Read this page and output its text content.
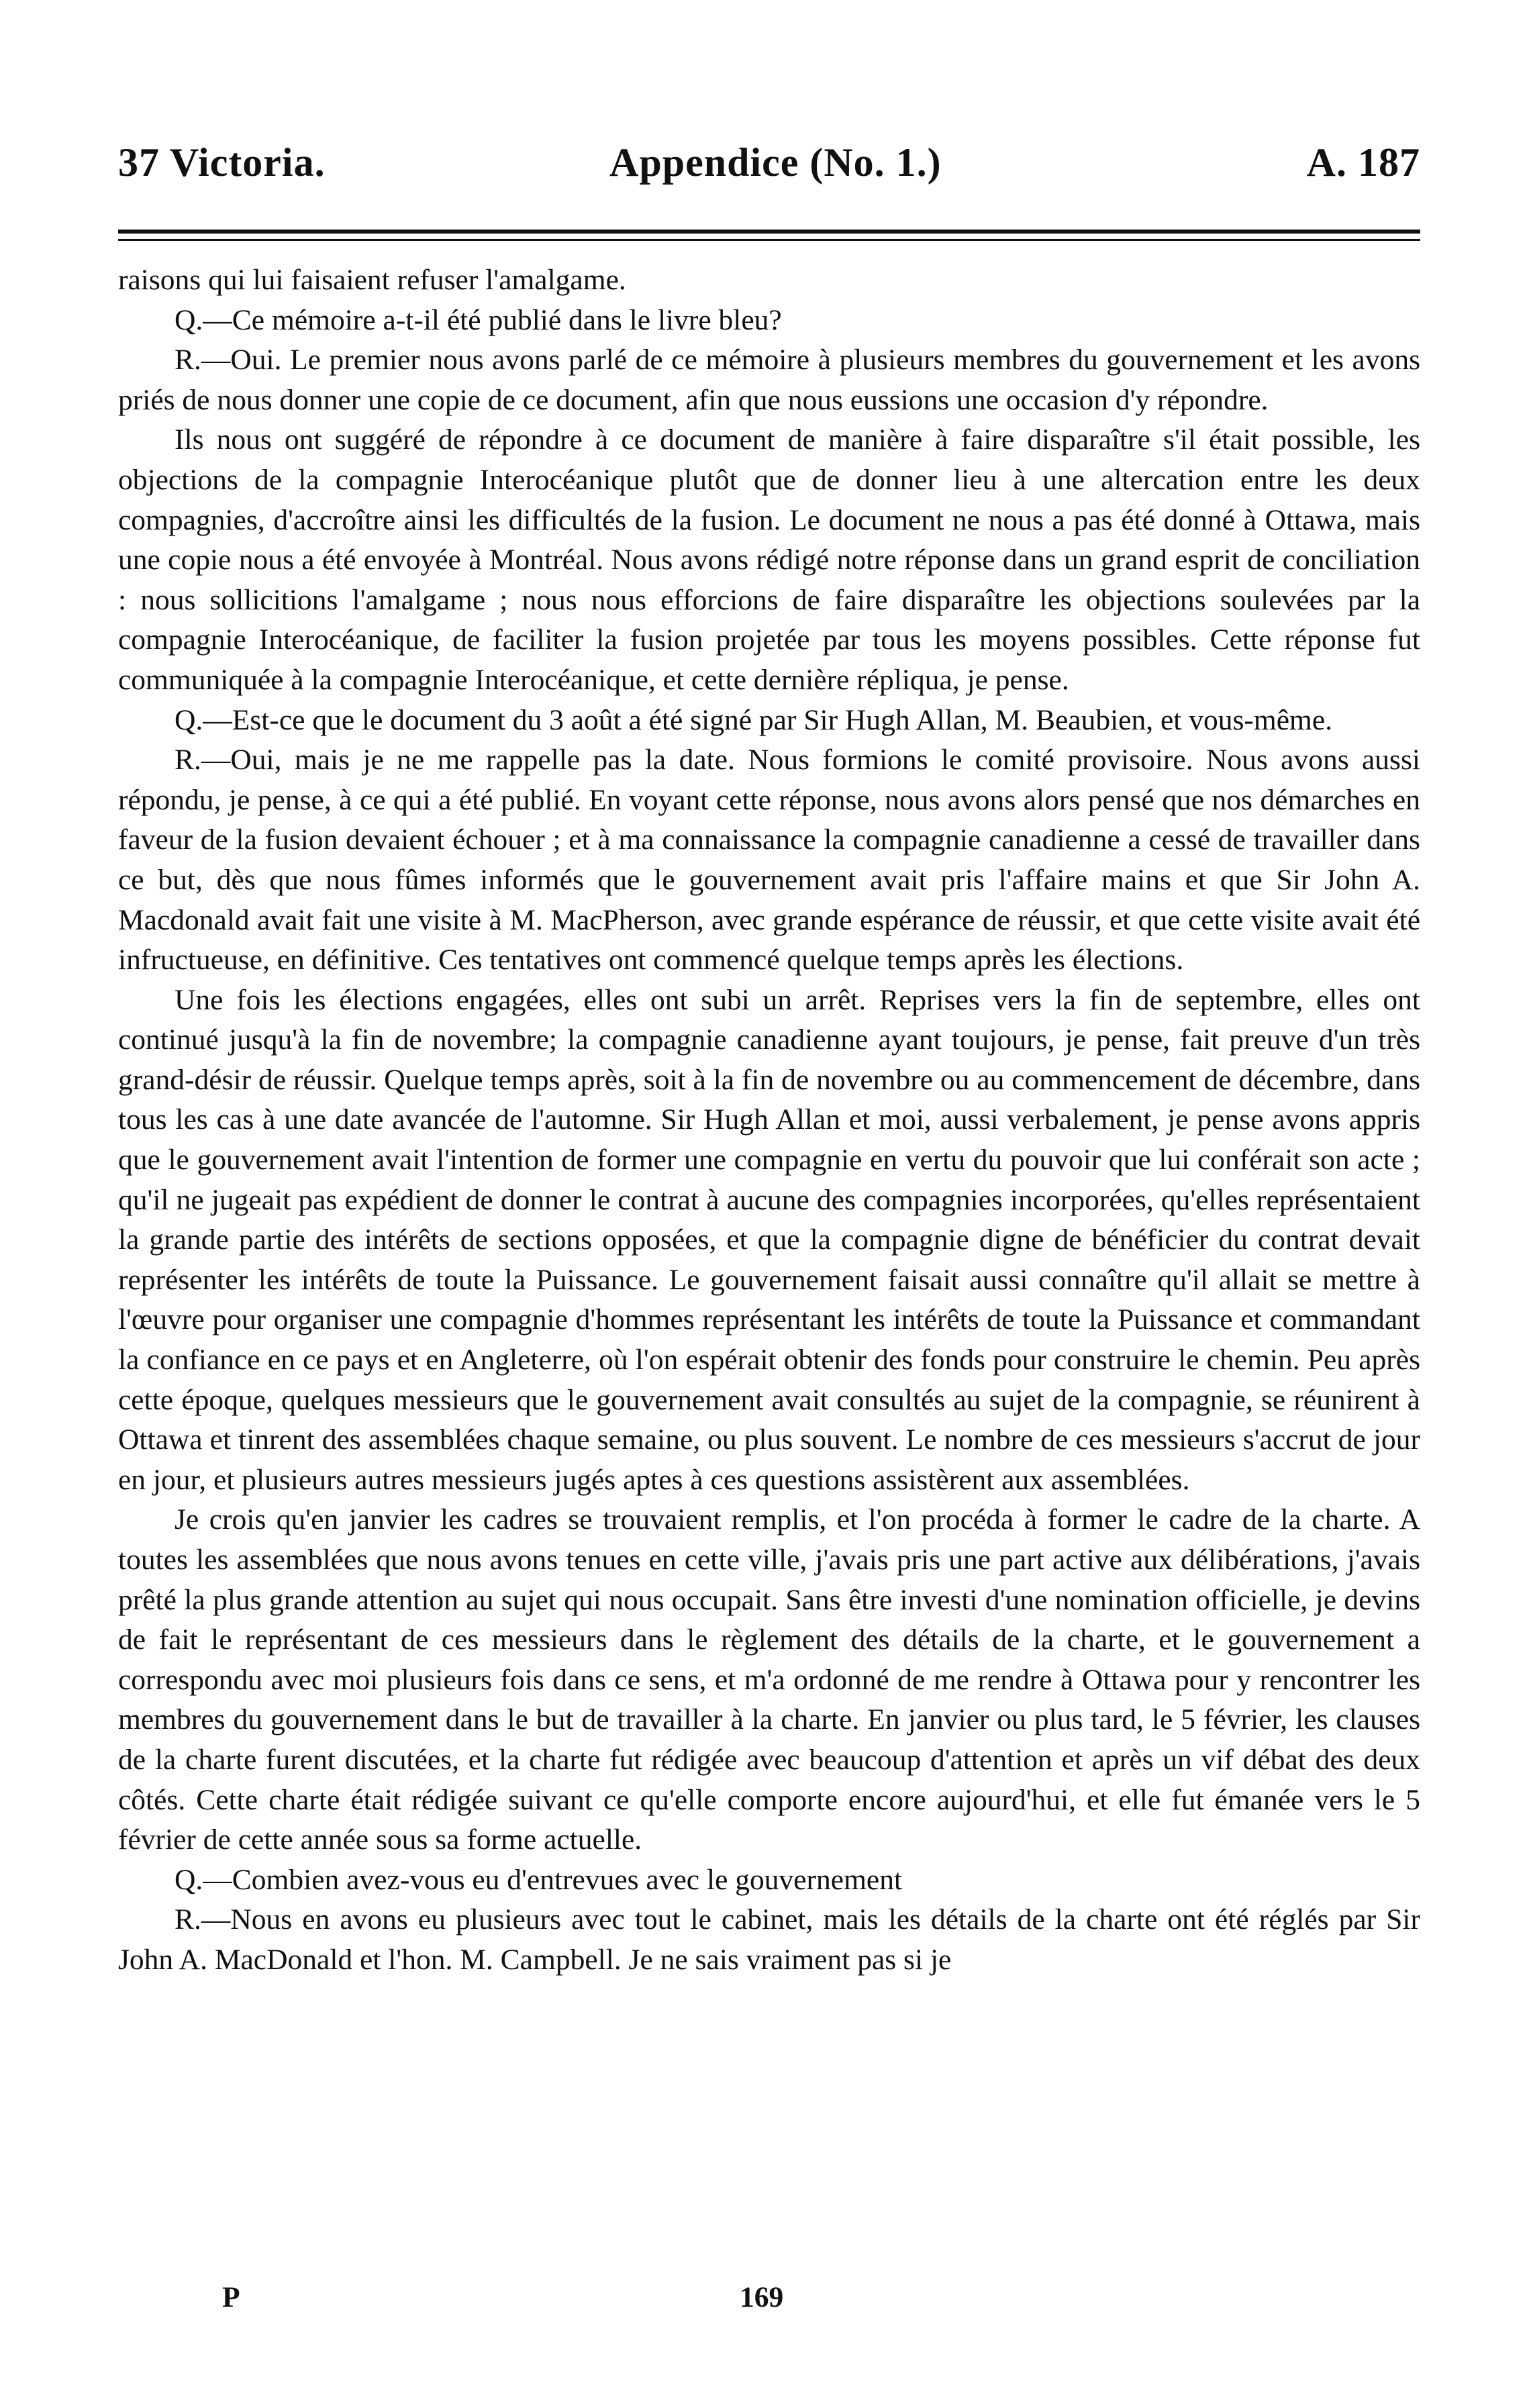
37 Victoria.	Appendice (No. 1.)	A. 187

raisons qui lui faisaient refuser l'amalgame.

Q.—Ce mémoire a-t-il été publié dans le livre bleu?

R.—Oui. Le premier nous avons parlé de ce mémoire à plusieurs membres du gouvernement et les avons priés de nous donner une copie de ce document, afin que nous eussions une occasion d'y répondre.

Ils nous ont suggéré de répondre à ce document de manière à faire disparaître s'il était possible, les objections de la compagnie Interocéanique plutôt que de donner lieu à une altercation entre les deux compagnies, d'accroître ainsi les difficultés de la fusion. Le document ne nous a pas été donné à Ottawa, mais une copie nous a été envoyée à Montréal. Nous avons rédigé notre réponse dans un grand esprit de conciliation : nous sollicitions l'amalgame ; nous nous efforcions de faire disparaître les objections soulevées par la compagnie Interocéanique, de faciliter la fusion projetée par tous les moyens possibles. Cette réponse fut communiquée à la compagnie Interocéanique, et cette dernière répliqua, je pense.

Q.—Est-ce que le document du 3 août a été signé par Sir Hugh Allan, M. Beaubien, et vous-même.

R.—Oui, mais je ne me rappelle pas la date. Nous formions le comité provisoire. Nous avons aussi répondu, je pense, à ce qui a été publié. En voyant cette réponse, nous avons alors pensé que nos démarches en faveur de la fusion devaient échouer ; et à ma connaissance la compagnie canadienne a cessé de travailler dans ce but, dès que nous fûmes informés que le gouvernement avait pris l'affaire mains et que Sir John A. Macdonald avait fait une visite à M. MacPherson, avec grande espérance de réussir, et que cette visite avait été infructueuse, en définitive. Ces tentatives ont commencé quelque temps après les élections.

Une fois les élections engagées, elles ont subi un arrêt. Reprises vers la fin de septembre, elles ont continué jusqu'à la fin de novembre; la compagnie canadienne ayant toujours, je pense, fait preuve d'un très grand-désir de réussir. Quelque temps après, soit à la fin de novembre ou au commencement de décembre, dans tous les cas à une date avancée de l'automne. Sir Hugh Allan et moi, aussi verbalement, je pense avons appris que le gouvernement avait l'intention de former une compagnie en vertu du pouvoir que lui conférait son acte ; qu'il ne jugeait pas expédient de donner le contrat à aucune des compagnies incorporées, qu'elles représentaient la grande partie des intérêts de sections opposées, et que la compagnie digne de bénéficier du contrat devait représenter les intérêts de toute la Puissance. Le gouvernement faisait aussi connaître qu'il allait se mettre à l'œuvre pour organiser une compagnie d'hommes représentant les intérêts de toute la Puissance et commandant la confiance en ce pays et en Angleterre, où l'on espérait obtenir des fonds pour construire le chemin. Peu après cette époque, quelques messieurs que le gouvernement avait consultés au sujet de la compagnie, se réunirent à Ottawa et tinrent des assemblées chaque semaine, ou plus souvent. Le nombre de ces messieurs s'accrut de jour en jour, et plusieurs autres messieurs jugés aptes à ces questions assistèrent aux assemblées.

Je crois qu'en janvier les cadres se trouvaient remplis, et l'on procéda à former le cadre de la charte. A toutes les assemblées que nous avons tenues en cette ville, j'avais pris une part active aux délibérations, j'avais prêté la plus grande attention au sujet qui nous occupait. Sans être investi d'une nomination officielle, je devins de fait le représentant de ces messieurs dans le règlement des détails de la charte, et le gouvernement a correspondu avec moi plusieurs fois dans ce sens, et m'a ordonné de me rendre à Ottawa pour y rencontrer les membres du gouvernement dans le but de travailler à la charte. En janvier ou plus tard, le 5 février, les clauses de la charte furent discutées, et la charte fut rédigée avec beaucoup d'attention et après un vif débat des deux côtés. Cette charte était rédigée suivant ce qu'elle comporte encore aujourd'hui, et elle fut émanée vers le 5 février de cette année sous sa forme actuelle.

Q.—Combien avez-vous eu d'entrevues avec le gouvernement

R.—Nous en avons eu plusieurs avec tout le cabinet, mais les détails de la charte ont été réglés par Sir John A. MacDonald et l'hon. M. Campbell. Je ne sais vraiment pas si je

P	169
